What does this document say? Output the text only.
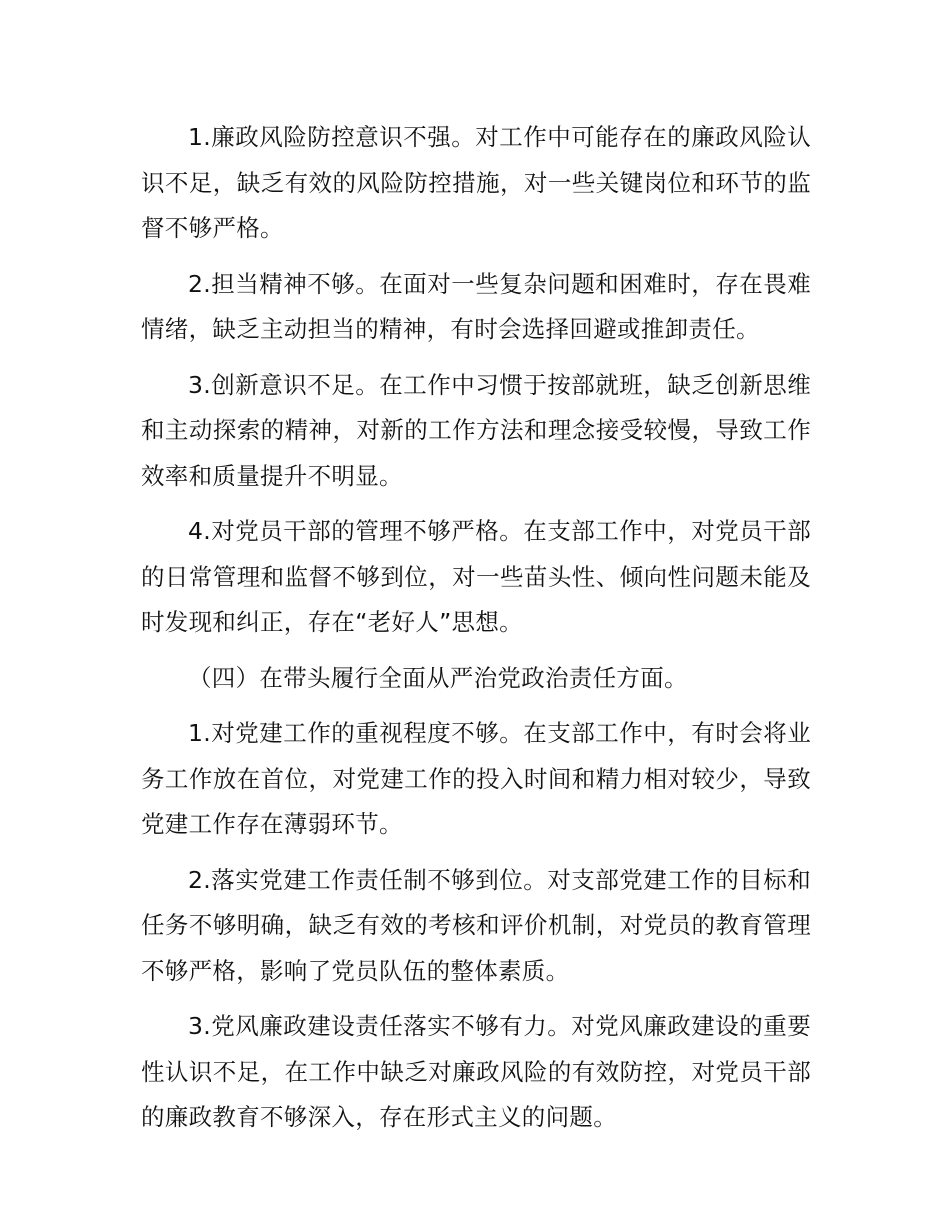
1.廉政风险防控意识不强。对工作中可能存在的廉政风险认识不足，缺乏有效的风险防控措施，对一些关键岗位和环节的监督不够严格。

2.担当精神不够。在面对一些复杂问题和困难时，存在畏难情绪，缺乏主动担当的精神，有时会选择回避或推卸责任。

3.创新意识不足。在工作中习惯于按部就班，缺乏创新思维和主动探索的精神，对新的工作方法和理念接受较慢，导致工作效率和质量提升不明显。

4.对党员干部的管理不够严格。在支部工作中，对党员干部的日常管理和监督不够到位，对一些苗头性、倾向性问题未能及时发现和纠正，存在“老好人”思想。

（四）在带头履行全面从严治党政治责任方面。

1.对党建工作的重视程度不够。在支部工作中，有时会将业务工作放在首位，对党建工作的投入时间和精力相对较少，导致党建工作存在薄弱环节。

2.落实党建工作责任制不够到位。对支部党建工作的目标和任务不够明确，缺乏有效的考核和评价机制，对党员的教育管理不够严格，影响了党员队伍的整体素质。

3.党风廉政建设责任落实不够有力。对党风廉政建设的重要性认识不足，在工作中缺乏对廉政风险的有效防控，对党员干部的廉政教育不够深入，存在形式主义的问题。
